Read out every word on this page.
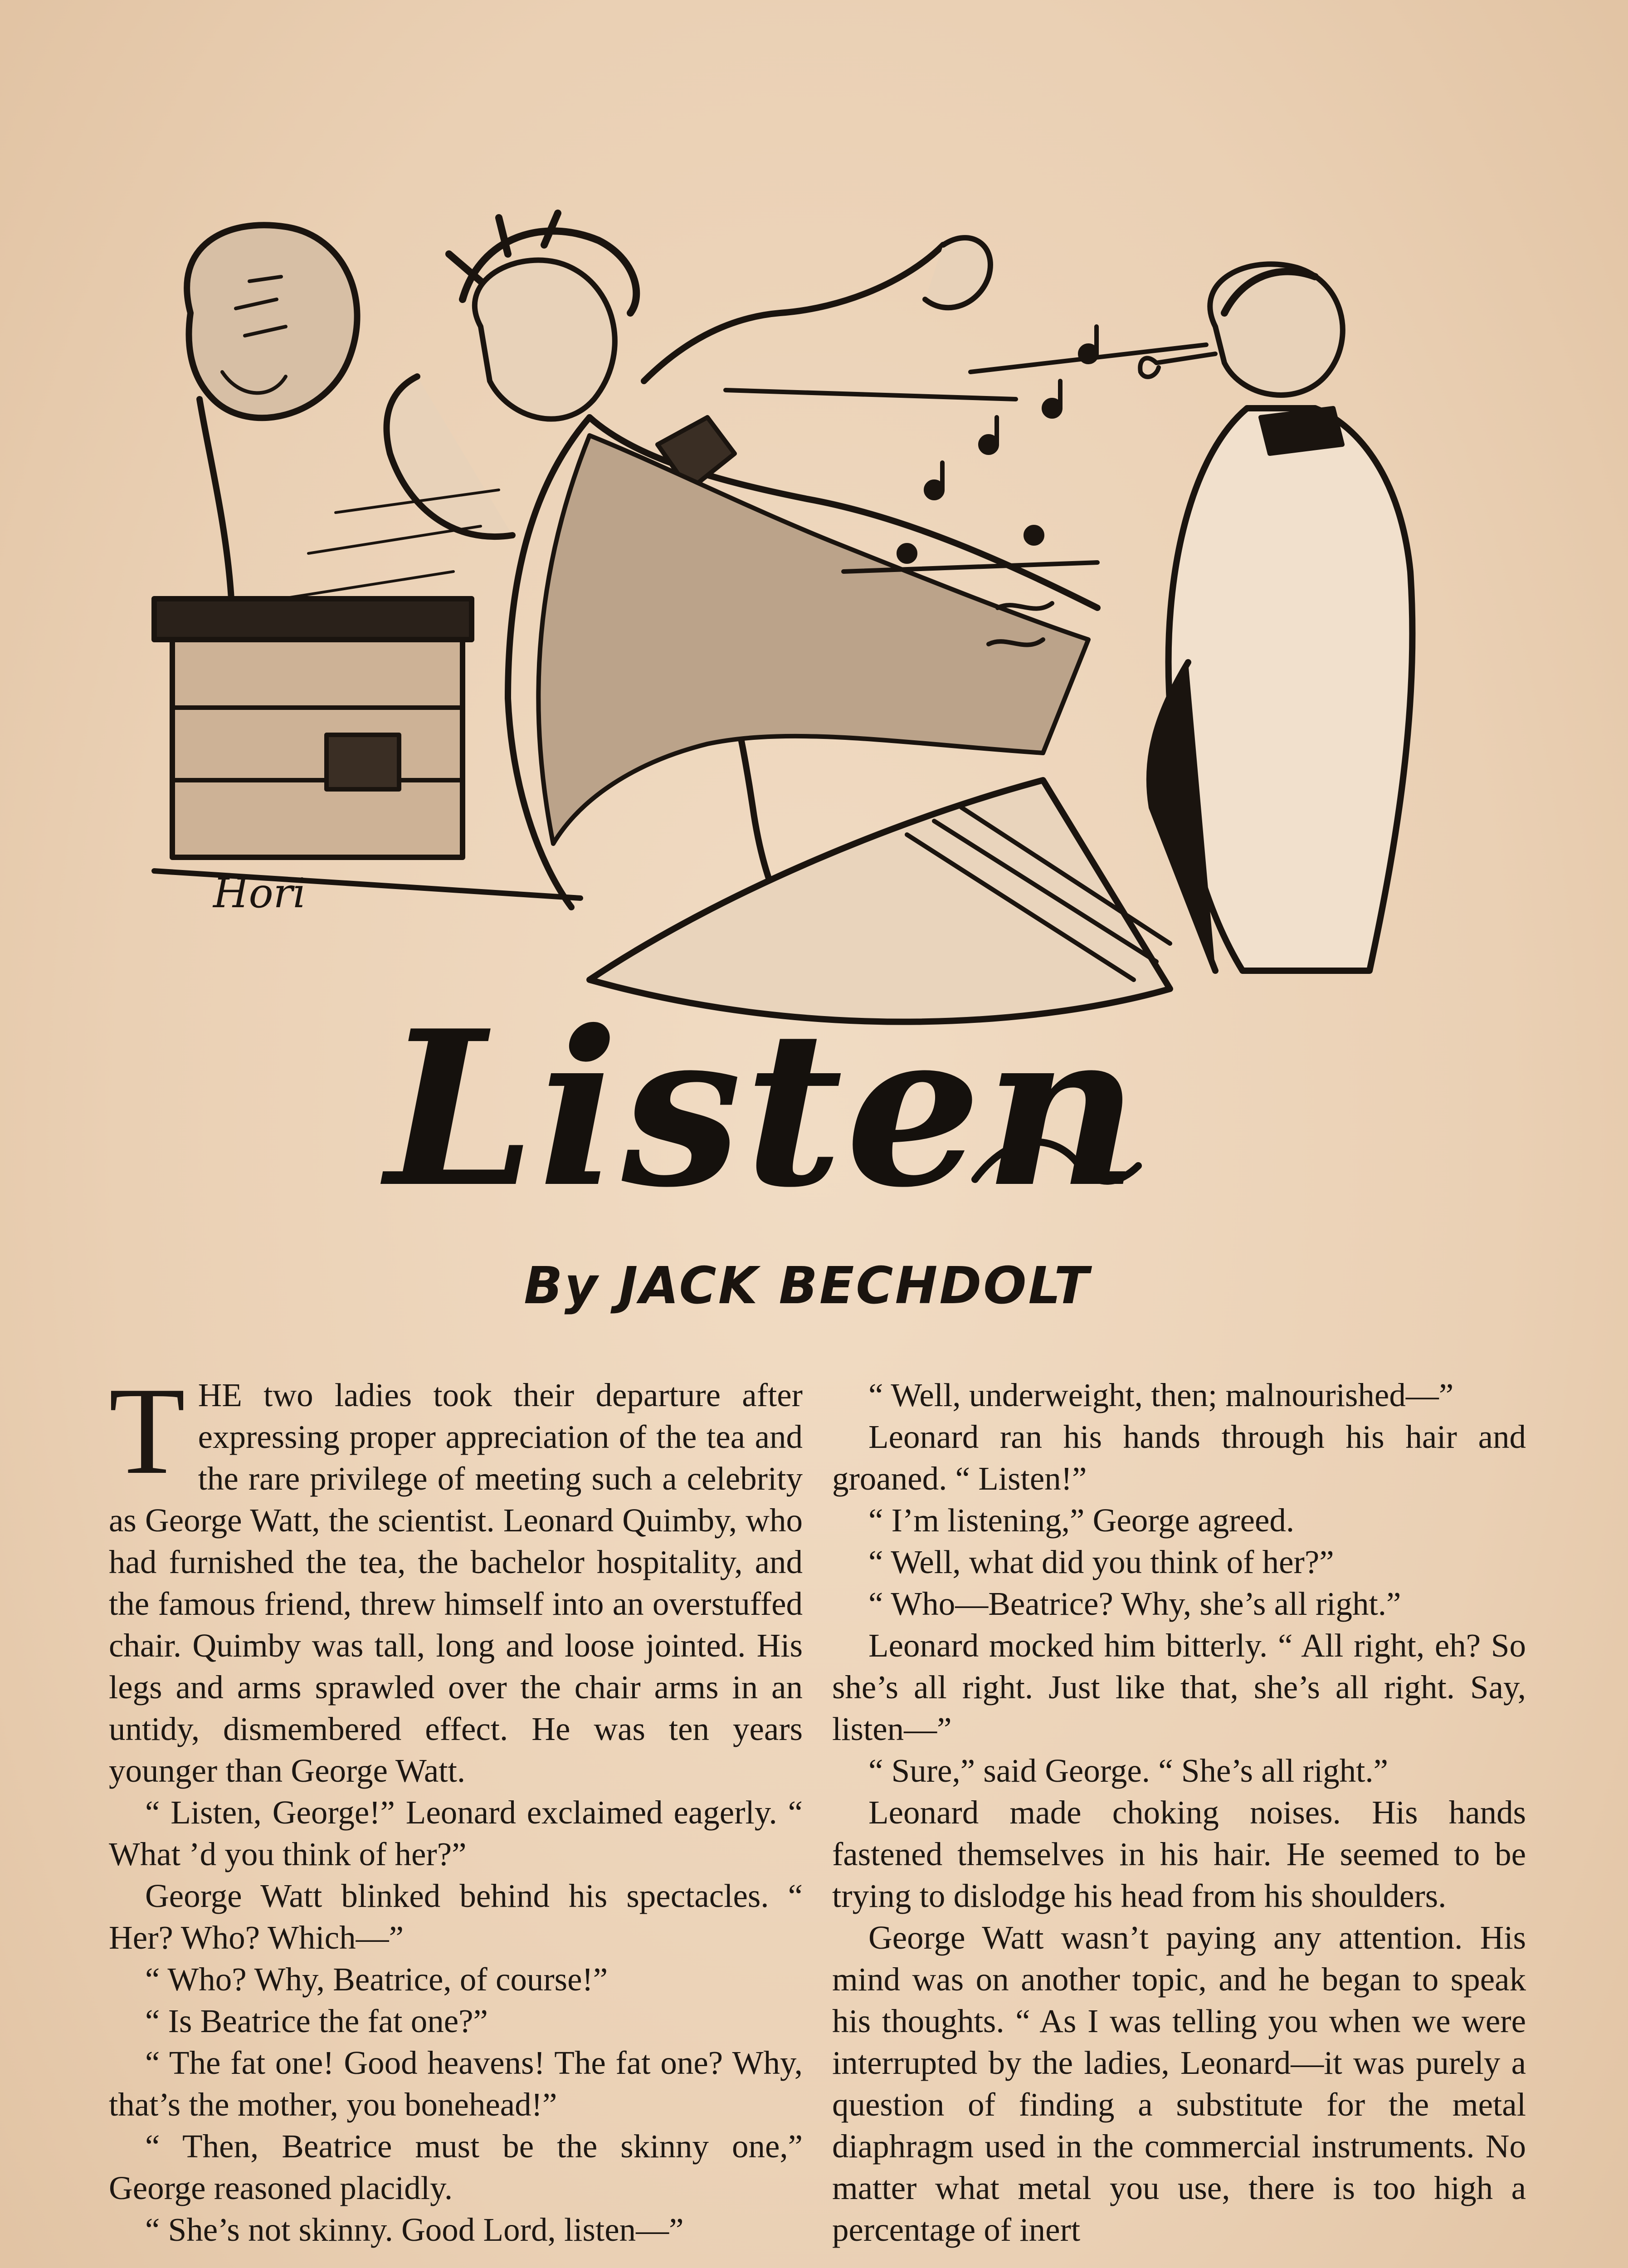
Hori
Listen
By JACK BECHDOLT

THE two ladies took their departure after expressing proper appreciation of the tea and the rare privilege of meeting such a celebrity as George Watt, the scientist. Leonard Quimby, who had furnished the tea, the bachelor hospitality, and the famous friend, threw himself into an overstuffed chair. Quimby was tall, long and loose jointed. His legs and arms sprawled over the chair arms in an untidy, dismembered effect. He was ten years younger than George Watt.

“ Listen, George!” Leonard exclaimed eagerly. “ What ’d you think of her?”

George Watt blinked behind his spectacles. “ Her? Who? Which—”

“ Who? Why, Beatrice, of course!”

“ Is Beatrice the fat one?”

“ The fat one! Good heavens! The fat one? Why, that’s the mother, you bonehead!”

“ Then, Beatrice must be the skinny one,” George reasoned placidly.

“ She’s not skinny. Good Lord, listen—”

“ Well, underweight, then; malnourished—”

Leonard ran his hands through his hair and groaned. “ Listen!”

“ I’m listening,” George agreed.

“ Well, what did you think of her?”

“ Who—Beatrice? Why, she’s all right.”

Leonard mocked him bitterly. “ All right, eh? So she’s all right. Just like that, she’s all right. Say, listen—”

“ Sure,” said George. “ She’s all right.”

Leonard made choking noises. His hands fastened themselves in his hair. He seemed to be trying to dislodge his head from his shoulders.

George Watt wasn’t paying any attention. His mind was on another topic, and he began to speak his thoughts. “ As I was telling you when we were interrupted by the ladies, Leonard—it was purely a question of finding a substitute for the metal diaphragm used in the commercial instruments. No matter what metal you use, there is too high a percentage of inert
